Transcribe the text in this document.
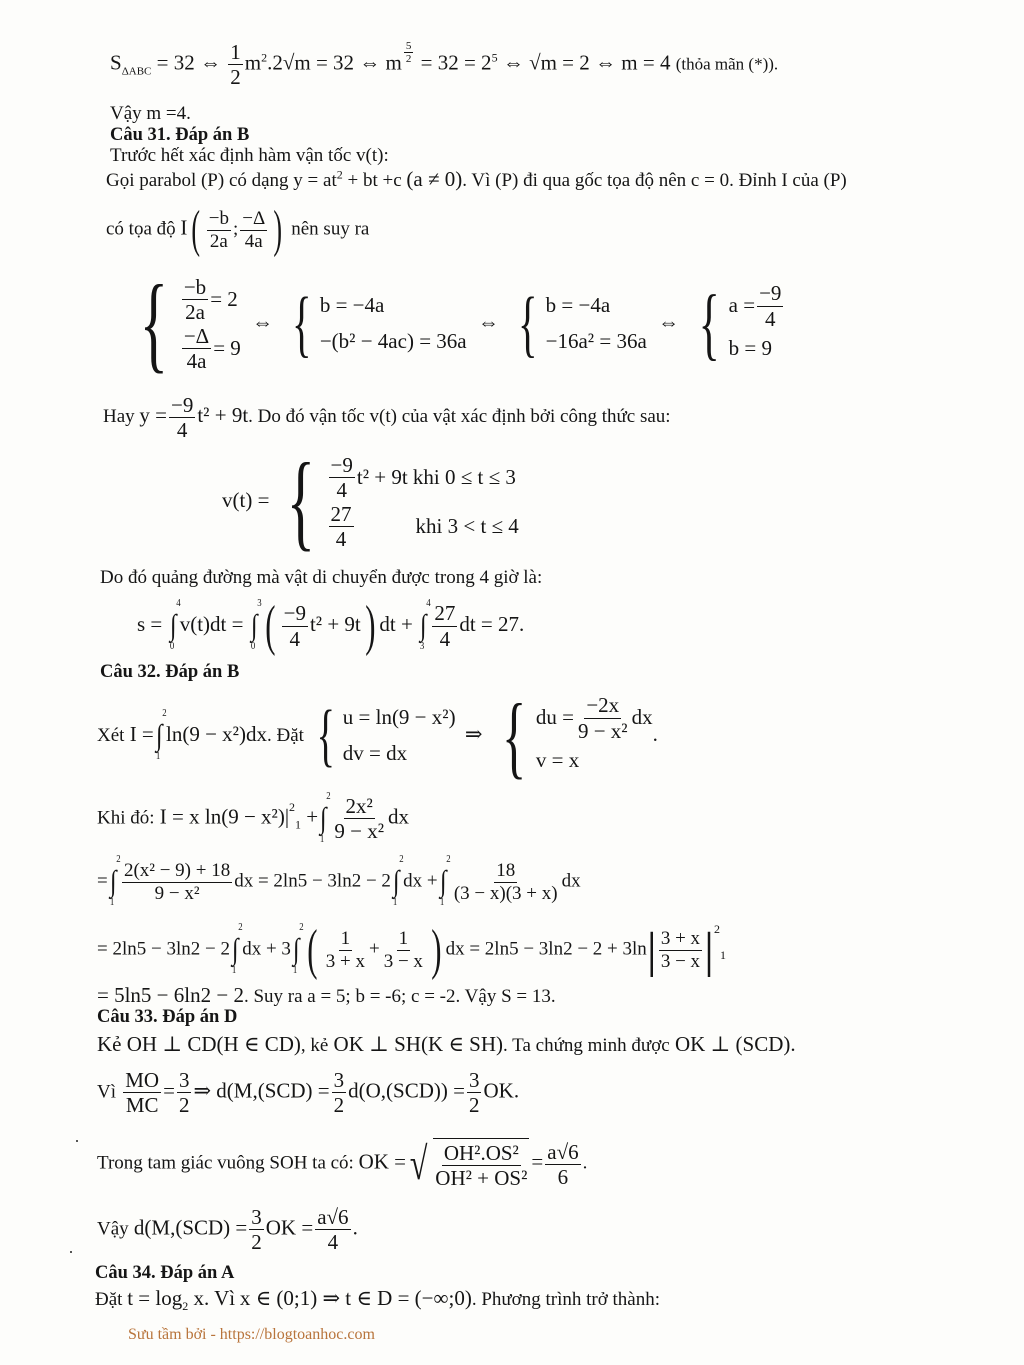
$S_{\Delta ABC} = 32$ ⇔ $\frac{1}{2} m^2.2√m = 32$ ⇔ m $^{\frac{5}{2}} = 32 = 2^5$ ⇔ √m = 2 ⇔ m = 4 (thỏa mãn (*)).
Vậy m =4.
Câu 31. Đáp án B
Trước hết xác định hàm vận tốc v(t):
Gọi parabol (P) có dạng $y = at^2$ + bt +c (a ≠ 0). Vì (P) đi qua gốc tọa độ nên c = 0. Đỉnh I của (P)
có tọa độ $I( \frac{-b}{2a}$ ; $\frac{-\Delta}{4a}$ ) nên suy ra
{ $\frac{-b}{2a} = 2$
$\frac{-\Delta}{4a} = 9$
⇔ { b = −4a
−(b² − 4ac) = 36a
⇔ { b = −4a
−16a² = 36a
⇔ { $a = \frac{-9}{4}$
b = 9
Hay $y = \frac{-9}{4} t^2 + 9t$. Do đó vận tốc v(t) của vật xác định bởi công thức sau:
v(t) = { $\frac{-9}{4} t^2 + 9t$ khi 0 ≤ t ≤ 3
$\frac{27}{4}$	khi 3 < t ≤ 4
Do đó quảng đường mà vật di chuyển được trong 4 giờ là:
s = ∫
4
0
v(t)dt = ∫
3
0 ( $\frac{-9}{4} t^2 + 9t$) dt + ∫
4
$3 \frac{27}{4}$ dt = 27.
Câu 32. Đáp án B
Xét I =∫
2
1
ln(9 − x²)dx. Đặt { u = ln(9 − x²)
dv = dx
⇒ { du = $\frac{-2x}{\text{9 − x²}}$ dx
v = x
.
Khi đó: I = x $\ln(9 - x^2)|^2_1$ +∫
2
$1 \frac{\text{2x²}}{\text{9 − x²}}$ dx
=∫
2
$1 \frac{\text{2(x² − 9) + 18}}{\text{9 − x²}}$ dx = 2ln5 − 3ln2 − 2∫
2
1
dx +∫
2
$1 \frac{18}{(3 - x)(3 + x)}$ dx
= 2ln5 − 3ln2 − 2∫
2
1
dx + 3∫
2
1 ( $\frac{1}{3 + x} + \frac{1}{3 - x}$ ) dx = $2\ln 5 - 3\ln 2 - 2 + 3\ln| \frac{3 + x}{3 - x} |^2_1$
= 5ln5 − 6ln2 − 2. Suy ra a = 5; b = -6; c = -2. Vậy S = 13.
Câu 33. Đáp án D
Kẻ OH ⊥ CD(H ∈ CD), kẻ OK ⊥ SH(K ∈ SH). Ta chứng minh được OK ⊥ (SCD).
Vì $\frac{MO}{MC} = \frac{3}{2}$ ⇒ $d(M,(SCD) = \frac{3}{2} d(O,(SCD)) = \frac{3}{2}$ OK.
Trong tam giác vuông SOH ta có: OK =√ $\frac{\text{OH².OS²}}{\text{OH² + OS²}} = \frac{a√6}{6}$ .
Vậy $d(M,(SCD) = \frac{3}{2}$ OK = $\frac{a√6}{4}$ .
Câu 34. Đáp án A
Đặt $t = \log_2 x$. Vì x ∈ (0;1) ⇒ t ∈ D = (−∞;0). Phương trình trở thành:
Sưu tầm bởi - https://blogtoanhoc.com
